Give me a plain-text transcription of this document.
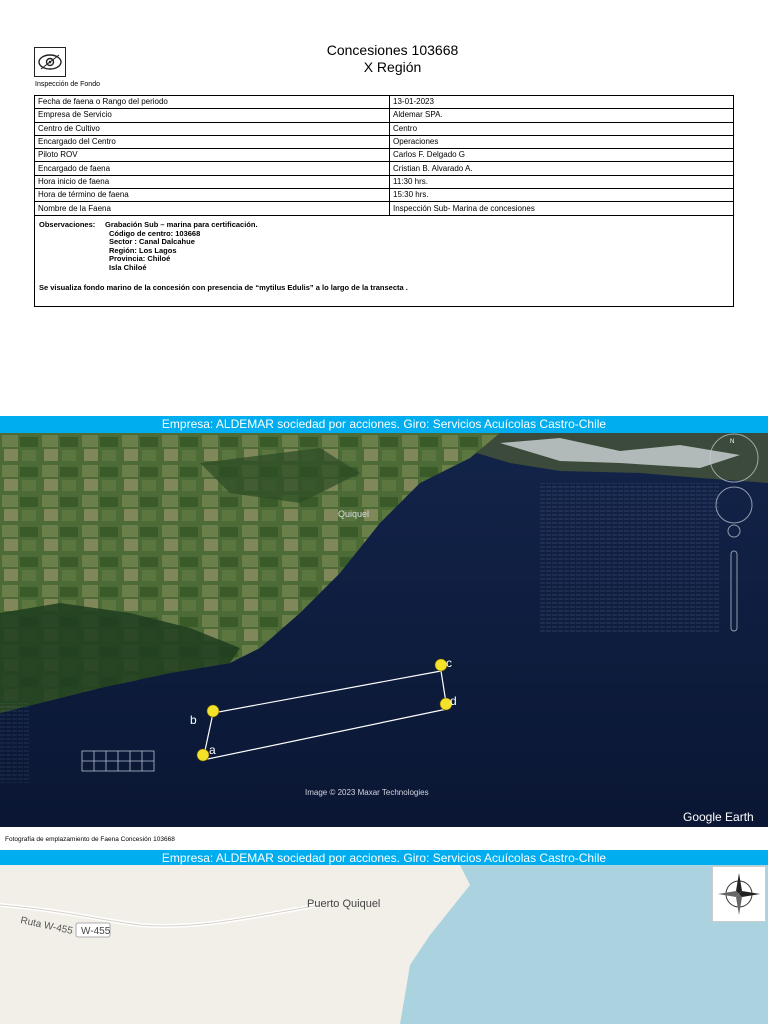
Inspección de Fondo
Concesiones 103668
X Región
Fecha de faena o Rango del periodo	13-01-2023
Empresa de Servicio	Aldemar SPA.
Centro de Cultivo	Centro
Encargado del Centro	Operaciones
Piloto ROV	Carlos F. Delgado G
Encargado de faena	Cristian B. Alvarado A.
Hora inicio de faena	11:30 hrs.
Hora de término de faena	15:30 hrs.
Nombre de la Faena	Inspección Sub- Marina de concesiones
Observaciones:	Grabación Sub – marina para certificación.
Código de centro: 103668
Sector : Canal Dalcahue
Región: Los Lagos
Provincia: Chiloé
Isla Chiloé
Se visualiza fondo marino de la concesión con presencia de “mytilus Edulis” a lo largo de la transecta .
Empresa: ALDEMAR sociedad por acciones. Giro: Servicios Acuícolas Castro-Chile
b
a
c
d
Quiquel
N
Image © 2023 Maxar Technologies
Google Earth
Fotografía de emplazamiento de Faena Concesión 103668
Empresa: ALDEMAR sociedad por acciones. Giro: Servicios Acuícolas Castro-Chile
Ruta W-455 W-455
Puerto Quiquel
